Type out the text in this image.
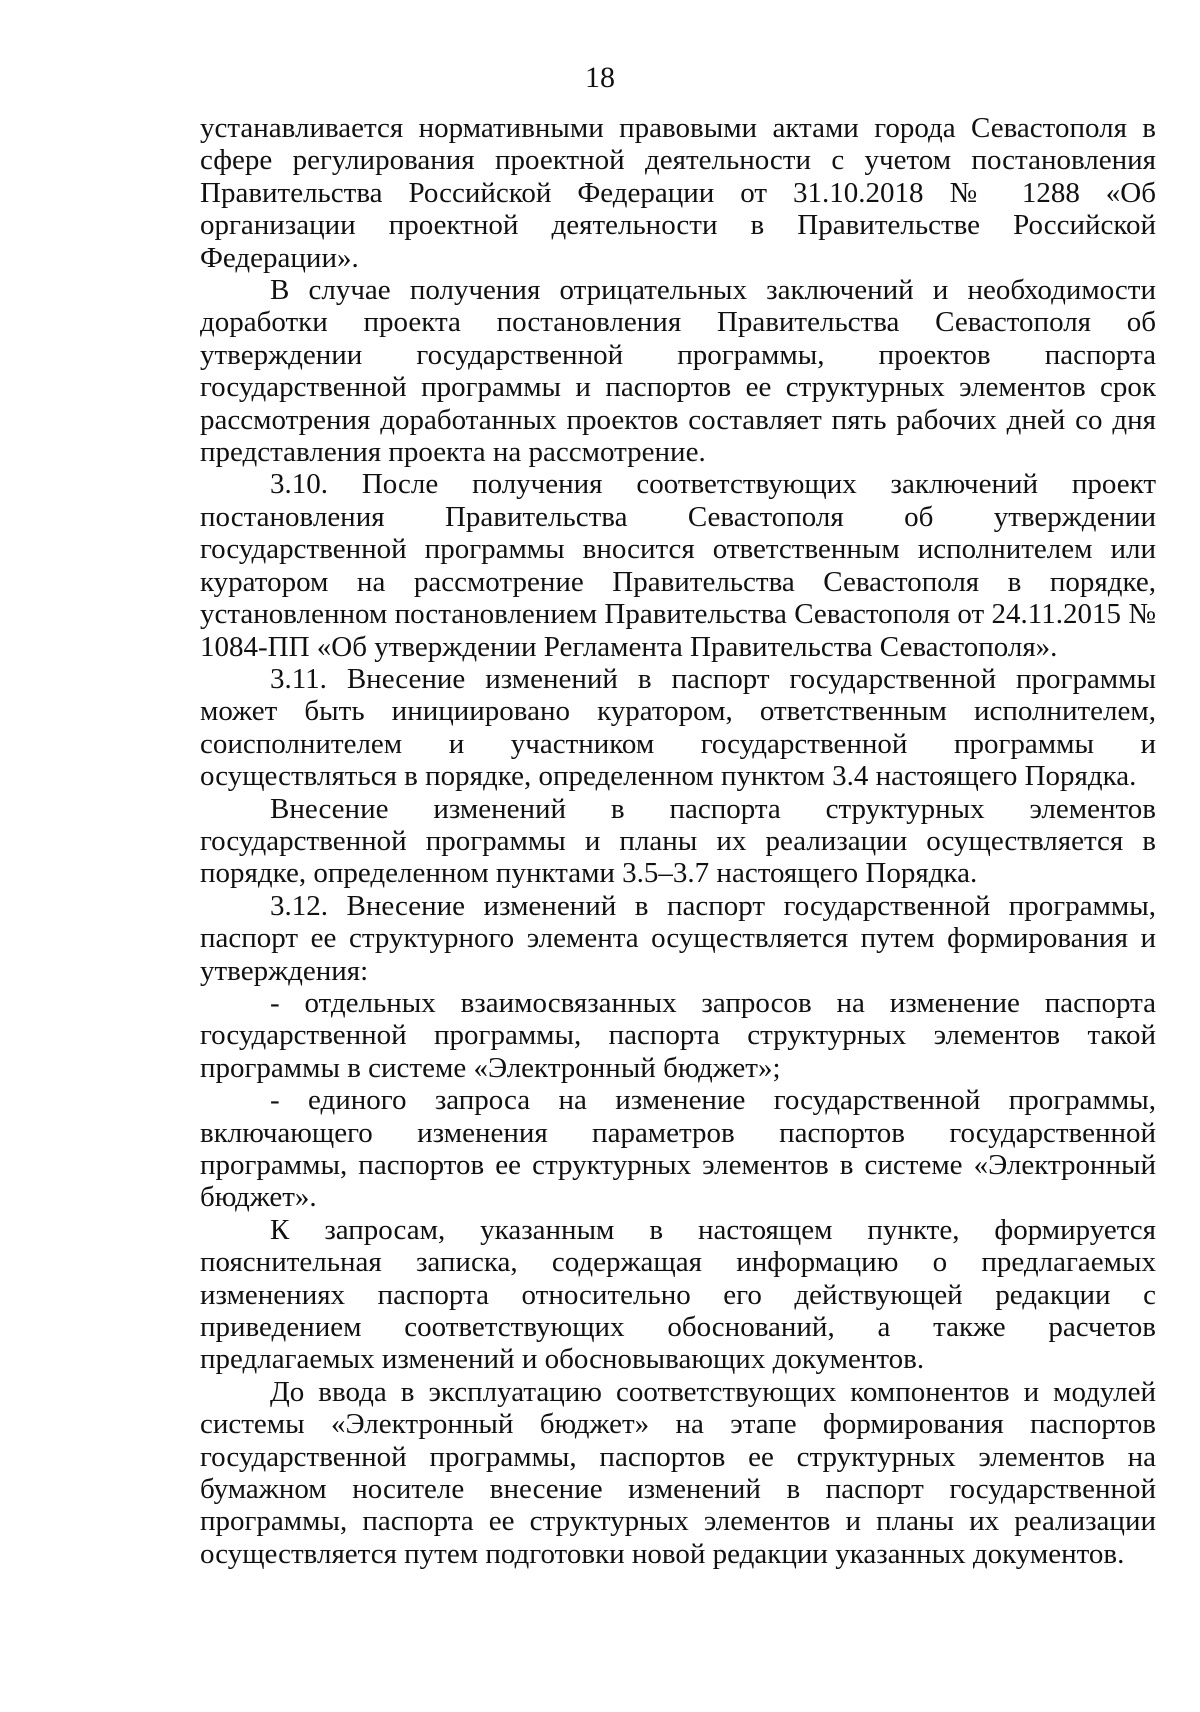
18

устанавливается нормативными правовыми актами города Севастополя в сфере регулирования проектной деятельности с учетом постановления Правительства Российской Федерации от 31.10.2018 № 1288 «Об организации проектной деятельности в Правительстве Российской Федерации».

В случае получения отрицательных заключений и необходимости доработки проекта постановления Правительства Севастополя об утверждении государственной программы, проектов паспорта государственной программы и паспортов ее структурных элементов срок рассмотрения доработанных проектов составляет пять рабочих дней со дня представления проекта на рассмотрение.

3.10. После получения соответствующих заключений проект постановления Правительства Севастополя об утверждении государственной программы вносится ответственным исполнителем или куратором на рассмотрение Правительства Севастополя в порядке, установленном постановлением Правительства Севастополя от 24.11.2015 № 1084-ПП «Об утверждении Регламента Правительства Севастополя».

3.11. Внесение изменений в паспорт государственной программы может быть инициировано куратором, ответственным исполнителем, соисполнителем и участником государственной программы и осуществляться в порядке, определенном пунктом 3.4 настоящего Порядка.

Внесение изменений в паспорта структурных элементов государственной программы и планы их реализации осуществляется в порядке, определенном пунктами 3.5–3.7 настоящего Порядка.

3.12. Внесение изменений в паспорт государственной программы, паспорт ее структурного элемента осуществляется путем формирования и утверждения:

- отдельных взаимосвязанных запросов на изменение паспорта государственной программы, паспорта структурных элементов такой программы в системе «Электронный бюджет»;

- единого запроса на изменение государственной программы, включающего изменения параметров паспортов государственной программы, паспортов ее структурных элементов в системе «Электронный бюджет».

К запросам, указанным в настоящем пункте, формируется пояснительная записка, содержащая информацию о предлагаемых изменениях паспорта относительно его действующей редакции с приведением соответствующих обоснований, а также расчетов предлагаемых изменений и обосновывающих документов.

До ввода в эксплуатацию соответствующих компонентов и модулей системы «Электронный бюджет» на этапе формирования паспортов государственной программы, паспортов ее структурных элементов на бумажном носителе внесение изменений в паспорт государственной программы, паспорта ее структурных элементов и планы их реализации осуществляется путем подготовки новой редакции указанных документов.
